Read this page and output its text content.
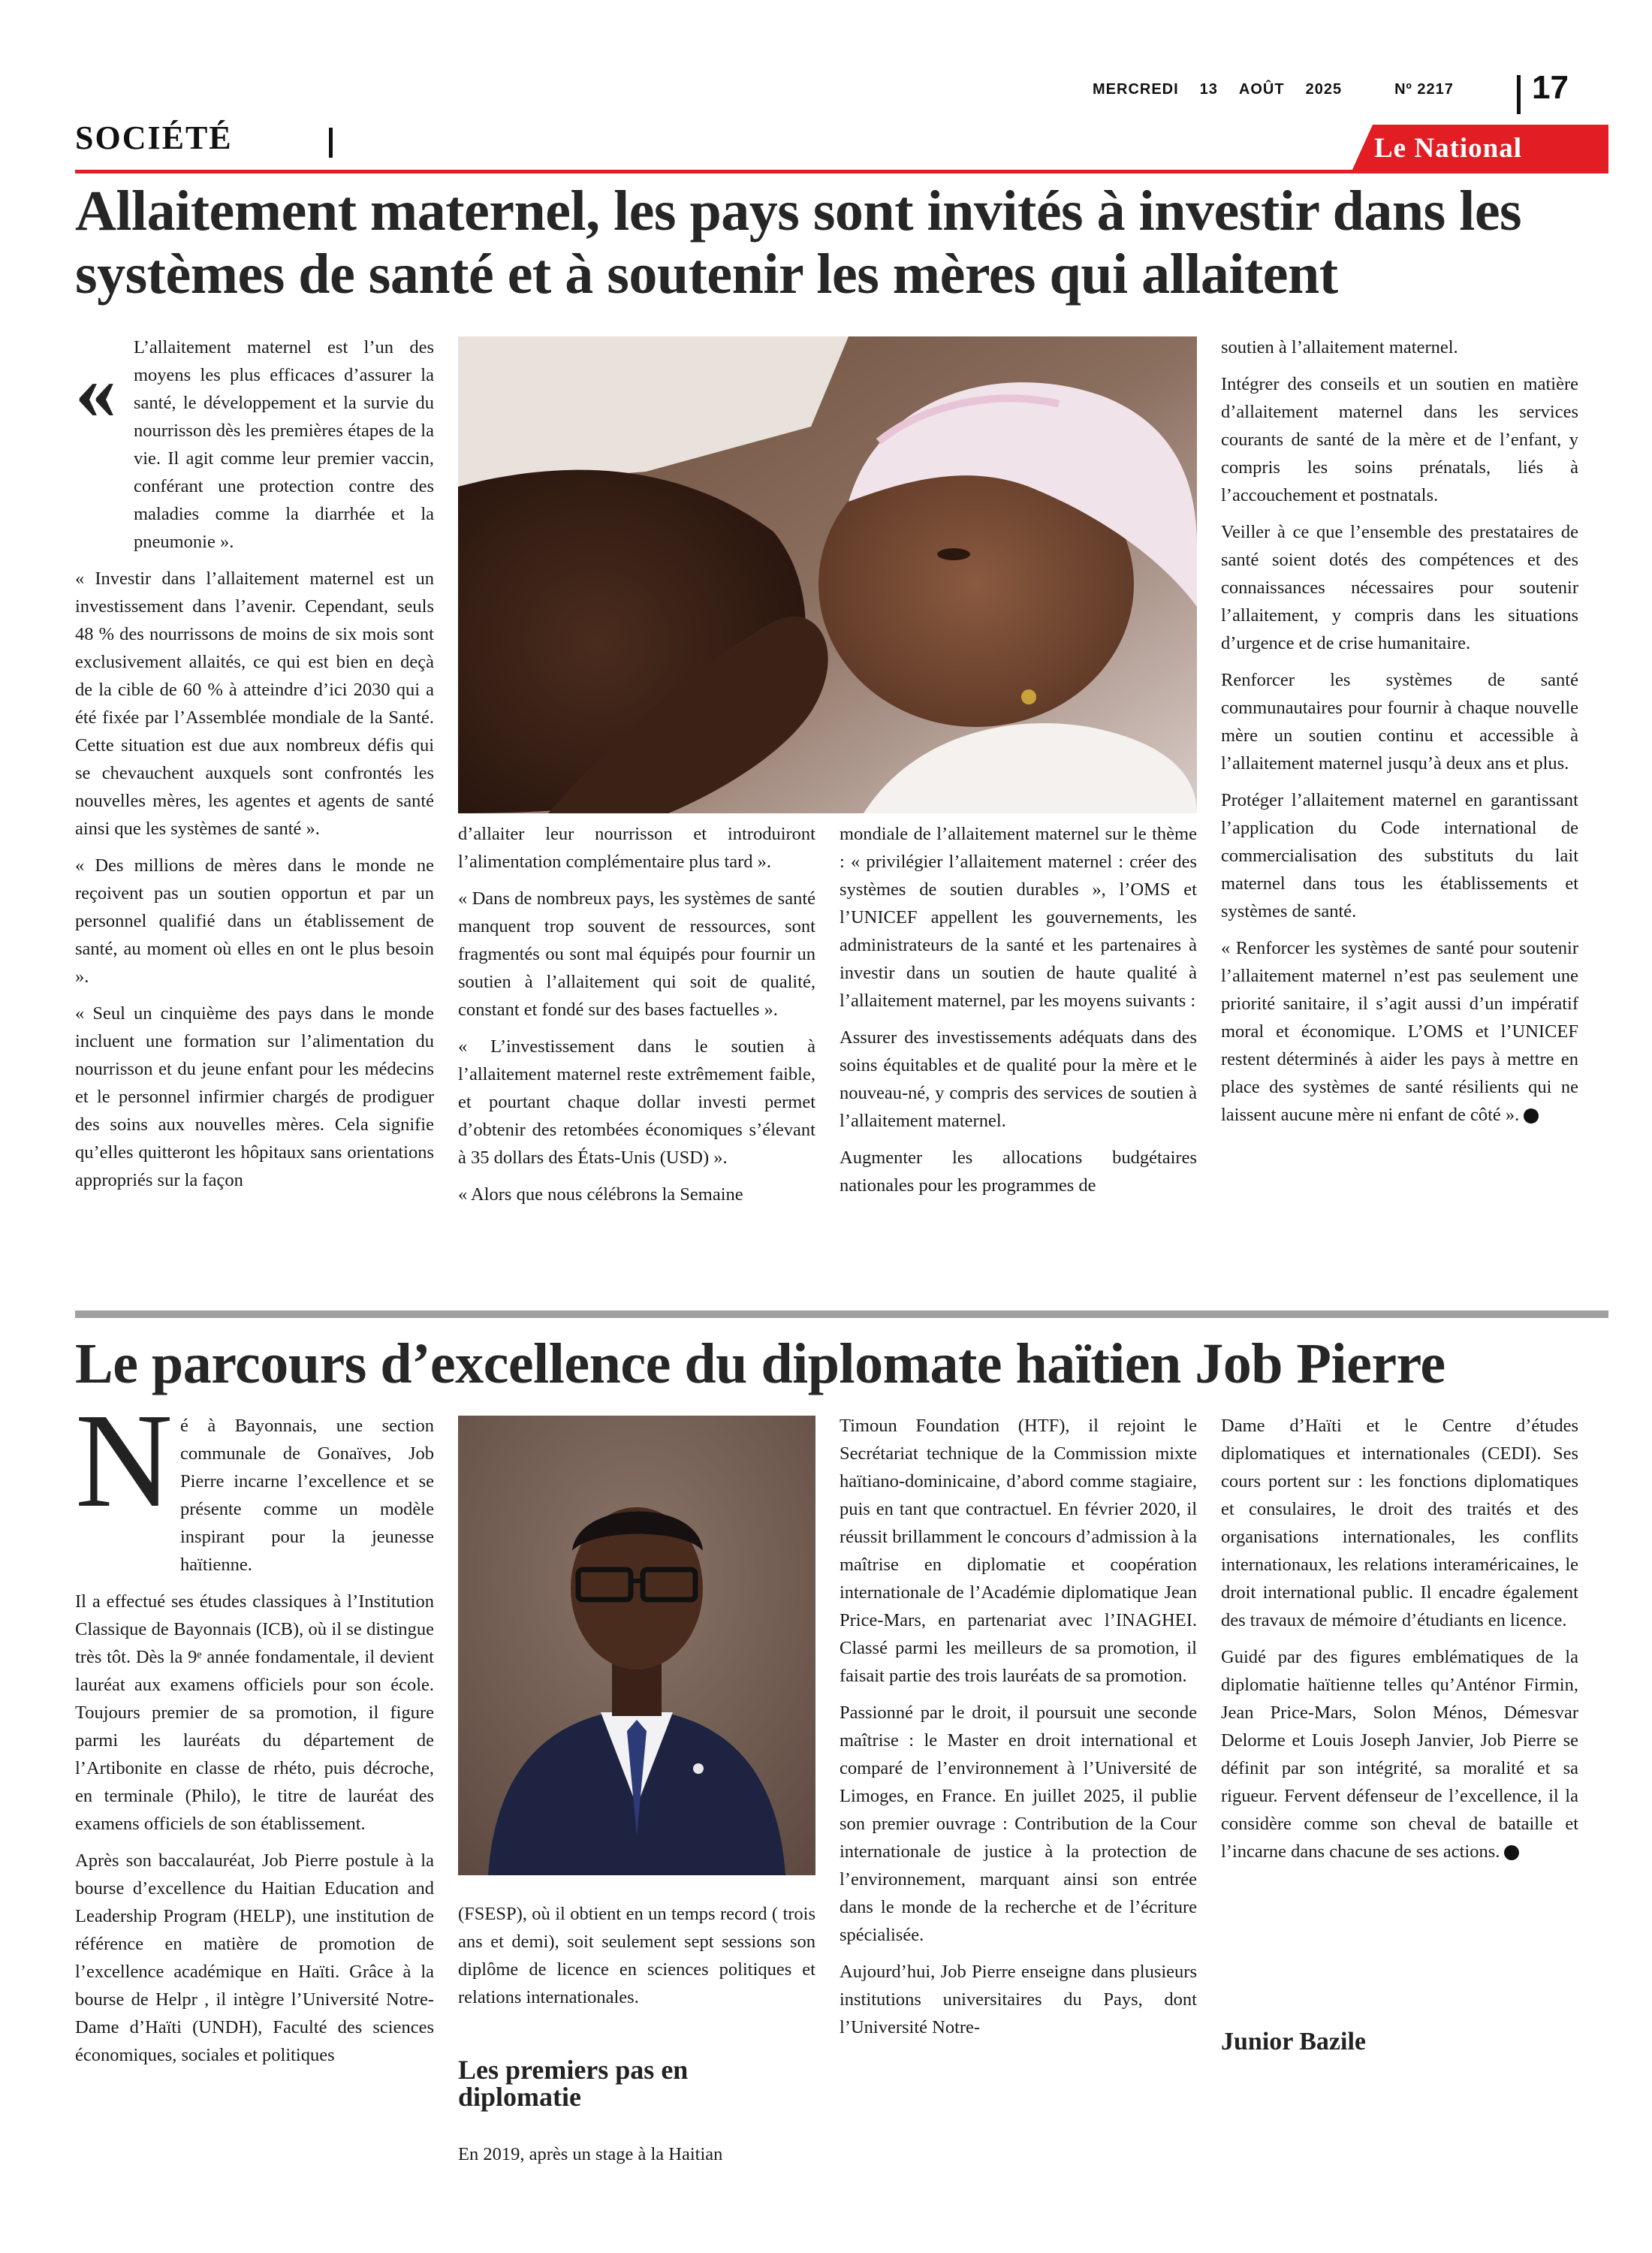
MERCREDI 13 AOÛT 2025	Nº 2217	17
SOCIÉTÉ	Le National
Allaitement maternel, les pays sont invités à investir dans les
systèmes de santé et à soutenir les mères qui allaitent
« L’allaitement maternel est l’un des moyens les plus efficaces d’assurer la santé, le développement et la survie du nourrisson dès les premières étapes de la vie. Il agit comme leur premier vaccin, conférant une protection contre des maladies comme la diarrhée et la pneumonie ».

« Investir dans l’allaitement maternel est un investissement dans l’avenir. Cependant, seuls 48 % des nourrissons de moins de six mois sont exclusivement allaités, ce qui est bien en deçà de la cible de 60 % à atteindre d’ici 2030 qui a été fixée par l’Assemblée mondiale de la Santé. Cette situation est due aux nombreux défis qui se chevauchent auxquels sont confrontés les nouvelles mères, les agentes et agents de santé ainsi que les systèmes de santé ».

« Des millions de mères dans le monde ne reçoivent pas un soutien opportun et par un personnel qualifié dans un établissement de santé, au moment où elles en ont le plus besoin ».

« Seul un cinquième des pays dans le monde incluent une formation sur l’alimentation du nourrisson et du jeune enfant pour les médecins et le personnel infirmier chargés de prodiguer des soins aux nouvelles mères. Cela signifie qu’elles quitteront les hôpitaux sans orientations appropriés sur la façon

d’allaiter leur nourrisson et introduiront l’alimentation complémentaire plus tard ».

« Dans de nombreux pays, les systèmes de santé manquent trop souvent de ressources, sont fragmentés ou sont mal équipés pour fournir un soutien à l’allaitement qui soit de qualité, constant et fondé sur des bases factuelles ».

« L’investissement dans le soutien à l’allaitement maternel reste extrêmement faible, et pourtant chaque dollar investi permet d’obtenir des retombées économiques s’élevant à 35 dollars des États-Unis (USD) ».

« Alors que nous célébrons la Semaine

mondiale de l’allaitement maternel sur le thème : « privilégier l’allaitement maternel : créer des systèmes de soutien durables », l’OMS et l’UNICEF appellent les gouvernements, les administrateurs de la santé et les partenaires à investir dans un soutien de haute qualité à l’allaitement maternel, par les moyens suivants :

Assurer des investissements adéquats dans des soins équitables et de qualité pour la mère et le nouveau-né, y compris des services de soutien à l’allaitement maternel.

Augmenter les allocations budgétaires nationales pour les programmes de

soutien à l’allaitement maternel.

Intégrer des conseils et un soutien en matière d’allaitement maternel dans les services courants de santé de la mère et de l’enfant, y compris les soins prénatals, liés à l’accouchement et postnatals.

Veiller à ce que l’ensemble des prestataires de santé soient dotés des compétences et des connaissances nécessaires pour soutenir l’allaitement, y compris dans les situations d’urgence et de crise humanitaire.

Renforcer les systèmes de santé communautaires pour fournir à chaque nouvelle mère un soutien continu et accessible à l’allaitement maternel jusqu’à deux ans et plus.

Protéger l’allaitement maternel en garantissant l’application du Code international de commercialisation des substituts du lait maternel dans tous les établissements et systèmes de santé.

« Renforcer les systèmes de santé pour soutenir l’allaitement maternel n’est pas seulement une priorité sanitaire, il s’agit aussi d’un impératif moral et économique. L’OMS et l’UNICEF restent déterminés à aider les pays à mettre en place des systèmes de santé résilients qui ne laissent aucune mère ni enfant de côté ».

Le parcours d’excellence du diplomate haïtien Job Pierre
N é à Bayonnais, une section communale de Gonaïves, Job Pierre incarne l’excellence et se présente comme un modèle inspirant pour la jeunesse haïtienne.

Il a effectué ses études classiques à l’Institution Classique de Bayonnais (ICB), où il se distingue très tôt. Dès la 9ᵉ année fondamentale, il devient lauréat aux examens officiels pour son école. Toujours premier de sa promotion, il figure parmi les lauréats du département de l’Artibonite en classe de rhéto, puis décroche, en terminale (Philo), le titre de lauréat des examens officiels de son établissement.

Après son baccalauréat, Job Pierre postule à la bourse d’excellence du Haitian Education and Leadership Program (HELP), une institution de référence en matière de promotion de l’excellence académique en Haïti. Grâce à la bourse de Helpr , il intègre l’Université Notre-Dame d’Haïti (UNDH), Faculté des sciences économiques, sociales et politiques

(FSESP), où il obtient en un temps record ( trois ans et demi), soit seulement sept sessions son diplôme de licence en sciences politiques et relations internationales.

Les premiers pas en diplomatie

En 2019, après un stage à la Haitian

Timoun Foundation (HTF), il rejoint le Secrétariat technique de la Commission mixte haïtiano-dominicaine, d’abord comme stagiaire, puis en tant que contractuel. En février 2020, il réussit brillamment le concours d’admission à la maîtrise en diplomatie et coopération internationale de l’Académie diplomatique Jean Price-Mars, en partenariat avec l’INAGHEI. Classé parmi les meilleurs de sa promotion, il faisait partie des trois lauréats de sa promotion.

Passionné par le droit, il poursuit une seconde maîtrise : le Master en droit international et comparé de l’environnement à l’Université de Limoges, en France. En juillet 2025, il publie son premier ouvrage : Contribution de la Cour internationale de justice à la protection de l’environnement, marquant ainsi son entrée dans le monde de la recherche et de l’écriture spécialisée.

Aujourd’hui, Job Pierre enseigne dans plusieurs institutions universitaires du Pays, dont l’Université Notre-

Dame d’Haïti et le Centre d’études diplomatiques et internationales (CEDI). Ses cours portent sur : les fonctions diplomatiques et consulaires, le droit des traités et des organisations internationales, les conflits internationaux, les relations interaméricaines, le droit international public. Il encadre également des travaux de mémoire d’étudiants en licence.

Guidé par des figures emblématiques de la diplomatie haïtienne telles qu’Anténor Firmin, Jean Price-Mars, Solon Ménos, Démesvar Delorme et Louis Joseph Janvier, Job Pierre se définit par son intégrité, sa moralité et sa rigueur. Fervent défenseur de l’excellence, il la considère comme son cheval de bataille et l’incarne dans chacune de ses actions.

Junior Bazile
